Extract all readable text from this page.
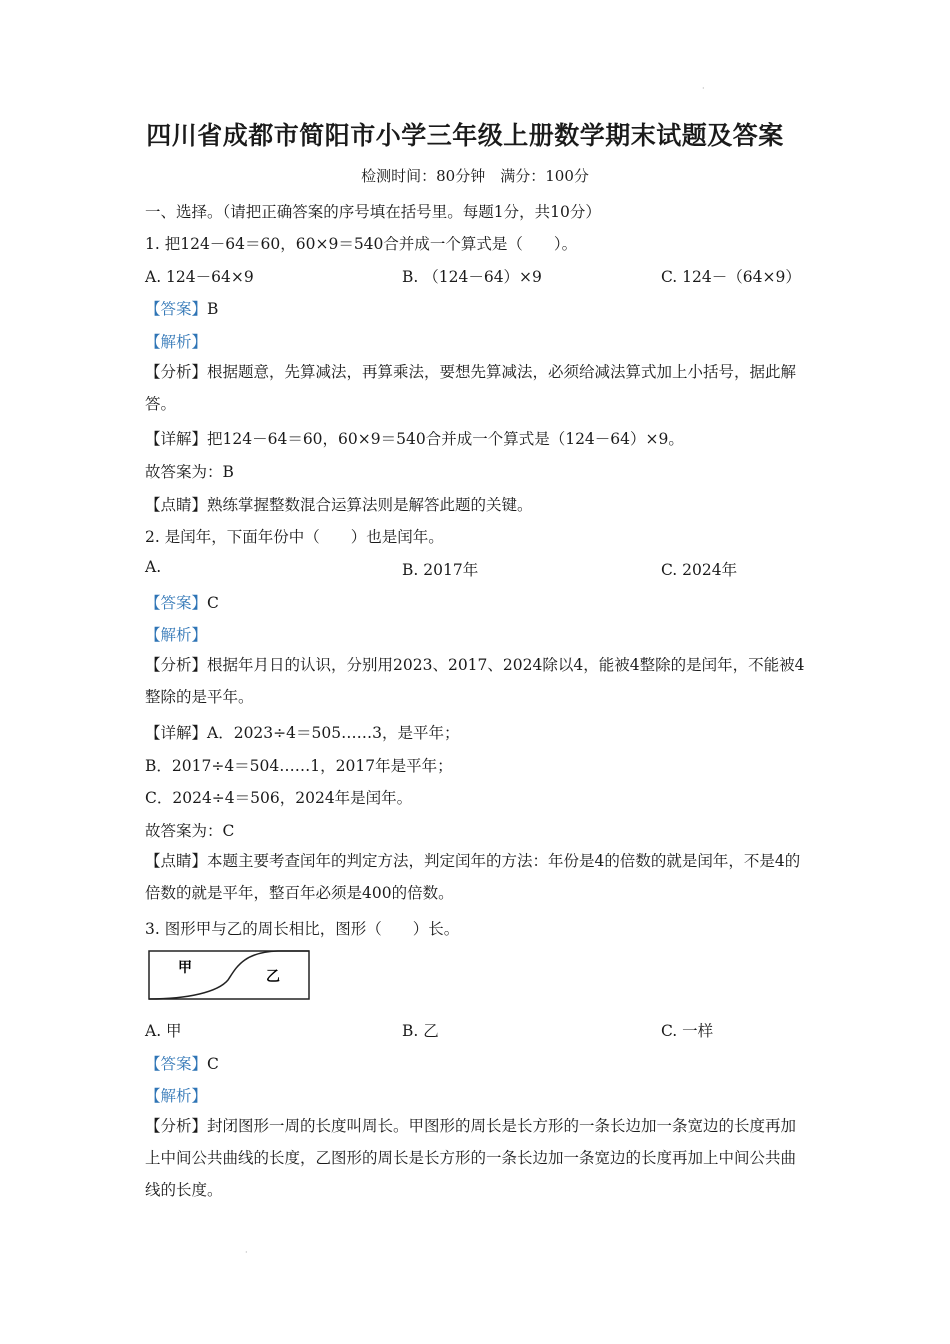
四川省成都市简阳市小学三年级上册数学期末试题及答案
检测时间：80分钟　满分：100分
一、选择。（请把正确答案的序号填在括号里。每题1分，共10分）
1. 把124－64＝60，60×9＝540合并成一个算式是（　　）。
A. 124－64×9	B. （124－64）×9	C. 124－（64×9）
【答案】B
【解析】
【分析】根据题意，先算减法，再算乘法，要想先算减法，必须给减法算式加上小括号，据此解答。
【详解】把124－64＝60，60×9＝540合并成一个算式是（124－64）×9。
故答案为：B
【点睛】熟练掌握整数混合运算法则是解答此题的关键。
2. 是闰年，下面年份中（　　）也是闰年。
A.	B. 2017年	C. 2024年
【答案】C
【解析】
【分析】根据年月日的认识，分别用2023、2017、2024除以4，能被4整除的是闰年，不能被4整除的是平年。
【详解】A．2023÷4＝505……3，是平年；
B．2017÷4＝504……1，2017年是平年；
C．2024÷4＝506，2024年是闰年。
故答案为：C
【点睛】本题主要考查闰年的判定方法，判定闰年的方法：年份是4的倍数的就是闰年，不是4的倍数的就是平年，整百年必须是400的倍数。
3. 图形甲与乙的周长相比，图形（　　）长。
甲
乙
A. 甲	B. 乙	C. 一样
【答案】C
【解析】
【分析】封闭图形一周的长度叫周长。甲图形的周长是长方形的一条长边加一条宽边的长度再加上中间公共曲线的长度，乙图形的周长是长方形的一条长边加一条宽边的长度再加上中间公共曲线的长度。
·
·
